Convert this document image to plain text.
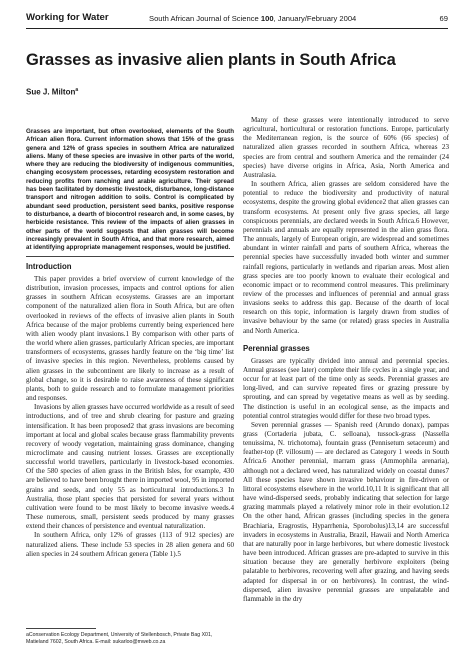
Working for Water	South African Journal of Science 100, January/February 2004	69
Grasses as invasive alien plants in South Africa
Sue J. Milton$^a$

Grasses are important, but often overlooked, elements of the South African alien flora. Current information shows that 15% of the grass genera and 12% of grass species in southern Africa are naturalized aliens. Many of these species are invasive in other parts of the world, where they are reducing the biodiversity of indigenous communities, changing ecosystem processes, retarding ecosystem restoration and reducing profits from ranching and arable agriculture. Their spread has been facilitated by domestic livestock, disturbance, long-distance transport and nitrogen addition to soils. Control is complicated by abundant seed production, persistent seed banks, positive response to disturbance, a dearth of biocontrol research and, in some cases, by herbicide resistance. This review of the impacts of alien grasses in other parts of the world suggests that alien grasses will become increasingly prevalent in South Africa, and that more research, aimed at identifying appropriate management responses, would be justified.

Introduction

This paper provides a brief overview of current knowledge of the distribution, invasion processes, impacts and control options for alien grasses in southern African ecosystems. Grasses are an important component of the naturalized alien flora in South Africa, but are often overlooked in reviews of the effects of invasive alien plants in South Africa because of the major problems currently being experienced here with alien woody plant invasions.1 By comparison with other parts of the world where alien grasses, particularly African species, are important transformers of ecosystems, grasses hardly feature on the ‘big time’ list of invasive species in this region. Nevertheless, problems caused by alien grasses in the subcontinent are likely to increase as a result of global change, so it is desirable to raise awareness of these significant plants, both to guide research and to formulate management priorities and responses.

Invasions by alien grasses have occurred worldwide as a result of seed introductions, and of tree and shrub clearing for pasture and grazing intensification. It has been proposed2 that grass invasions are becoming important at local and global scales because grass flammability prevents recovery of woody vegetation, maintaining grass dominance, changing microclimate and causing nutrient losses. Grasses are exceptionally successful world travellers, particularly in livestock-based economies. Of the 580 species of alien grass in the British Isles, for example, 430 are believed to have been brought there in imported wool, 95 in imported grains and seeds, and only 55 as horticultural introductions.3 In Australia, those plant species that persisted for several years without cultivation were found to be most likely to become invasive weeds.4 These numerous, small, persistent seeds produced by many grasses extend their chances of persistence and eventual naturalization.

In southern Africa, only 12% of grasses (113 of 912 species) are naturalized aliens. These include 53 species in 28 alien genera and 60 alien species in 24 southern African genera (Table 1).5

aConservation Ecology Department, University of Stellenbosch, Private Bag X01, Matieland 7602, South Africa. E-mail: sukarloo@mweb.co.za

Many of these grasses were intentionally introduced to serve agricultural, horticultural or restoration functions. Europe, particularly the Mediterranean region, is the source of 60% (66 species) of naturalized alien grasses recorded in southern Africa, whereas 23 species are from central and southern America and the remainder (24 species) have diverse origins in Africa, Asia, North America and Australasia.

In southern Africa, alien grasses are seldom considered have the potential to reduce the biodiversity and productivity of natural ecosystems, despite the growing global evidence2 that alien grasses can transform ecosystems. At present only five grass species, all large conspicuous perennials, are declared weeds in South Africa.6 However, perennials and annuals are equally represented in the alien grass flora. The annuals, largely of European origin, are widespread and sometimes abundant in winter rainfall and parts of southern Africa, whereas the perennial species have successfully invaded both winter and summer rainfall regions, particularly in wetlands and riparian areas. Most alien grass species are too poorly known to evaluate their ecological and economic impact or to recommend control measures. This preliminary review of the processes and influences of perennial and annual grass invasions seeks to address this gap. Because of the dearth of local research on this topic, information is largely drawn from studies of invasive behaviour by the same (or related) grass species in Australia and North America.

Perennial grasses

Grasses are typically divided into annual and perennial species. Annual grasses (see later) complete their life cycles in a single year, and occur for at least part of the time only as seeds. Perennial grasses are long-lived, and can survive repeated fires or grazing pressure by sprouting, and can spread by vegetative means as well as by seeding. The distinction is useful in an ecological sense, as the impacts and potential control strategies would differ for these two broad types.

Seven perennial grasses — Spanish reed (Arundo donax), pampas grass (Cortaderia jubata, C. selloana), tussock-grass (Nassella tenuissima, N. trichotoma), fountain grass (Pennisetum setaceum) and feather-top (P. villosum) — are declared as Category 1 weeds in South Africa.6 Another perennial, marram grass (Ammophila arenaria), although not a declared weed, has naturalized widely on coastal dunes7 All these species have shown invasive behaviour in fire-driven or littoral ecosystems elsewhere in the world.10,11 It is significant that all have wind-dispersed seeds, probably indicating that selection for large grazing mammals played a relatively minor role in their evolution.12 On the other hand, African grasses (including species in the genera Brachiaria, Eragrostis, Hyparrhenia, Sporobolus)13,14 are successful invaders in ecosystems in Australia, Brazil, Hawaii and North America that are naturally poor in large herbivores, but where domestic livestock have been introduced. African grasses are pre-adapted to survive in this situation because they are generally herbivore exploiters (being palatable to herbivores, recovering well after grazing, and having seeds adapted for dispersal in or on herbivores). In contrast, the wind-dispersed, alien invasive perennial grasses are unpalatable and flammable in the dry
